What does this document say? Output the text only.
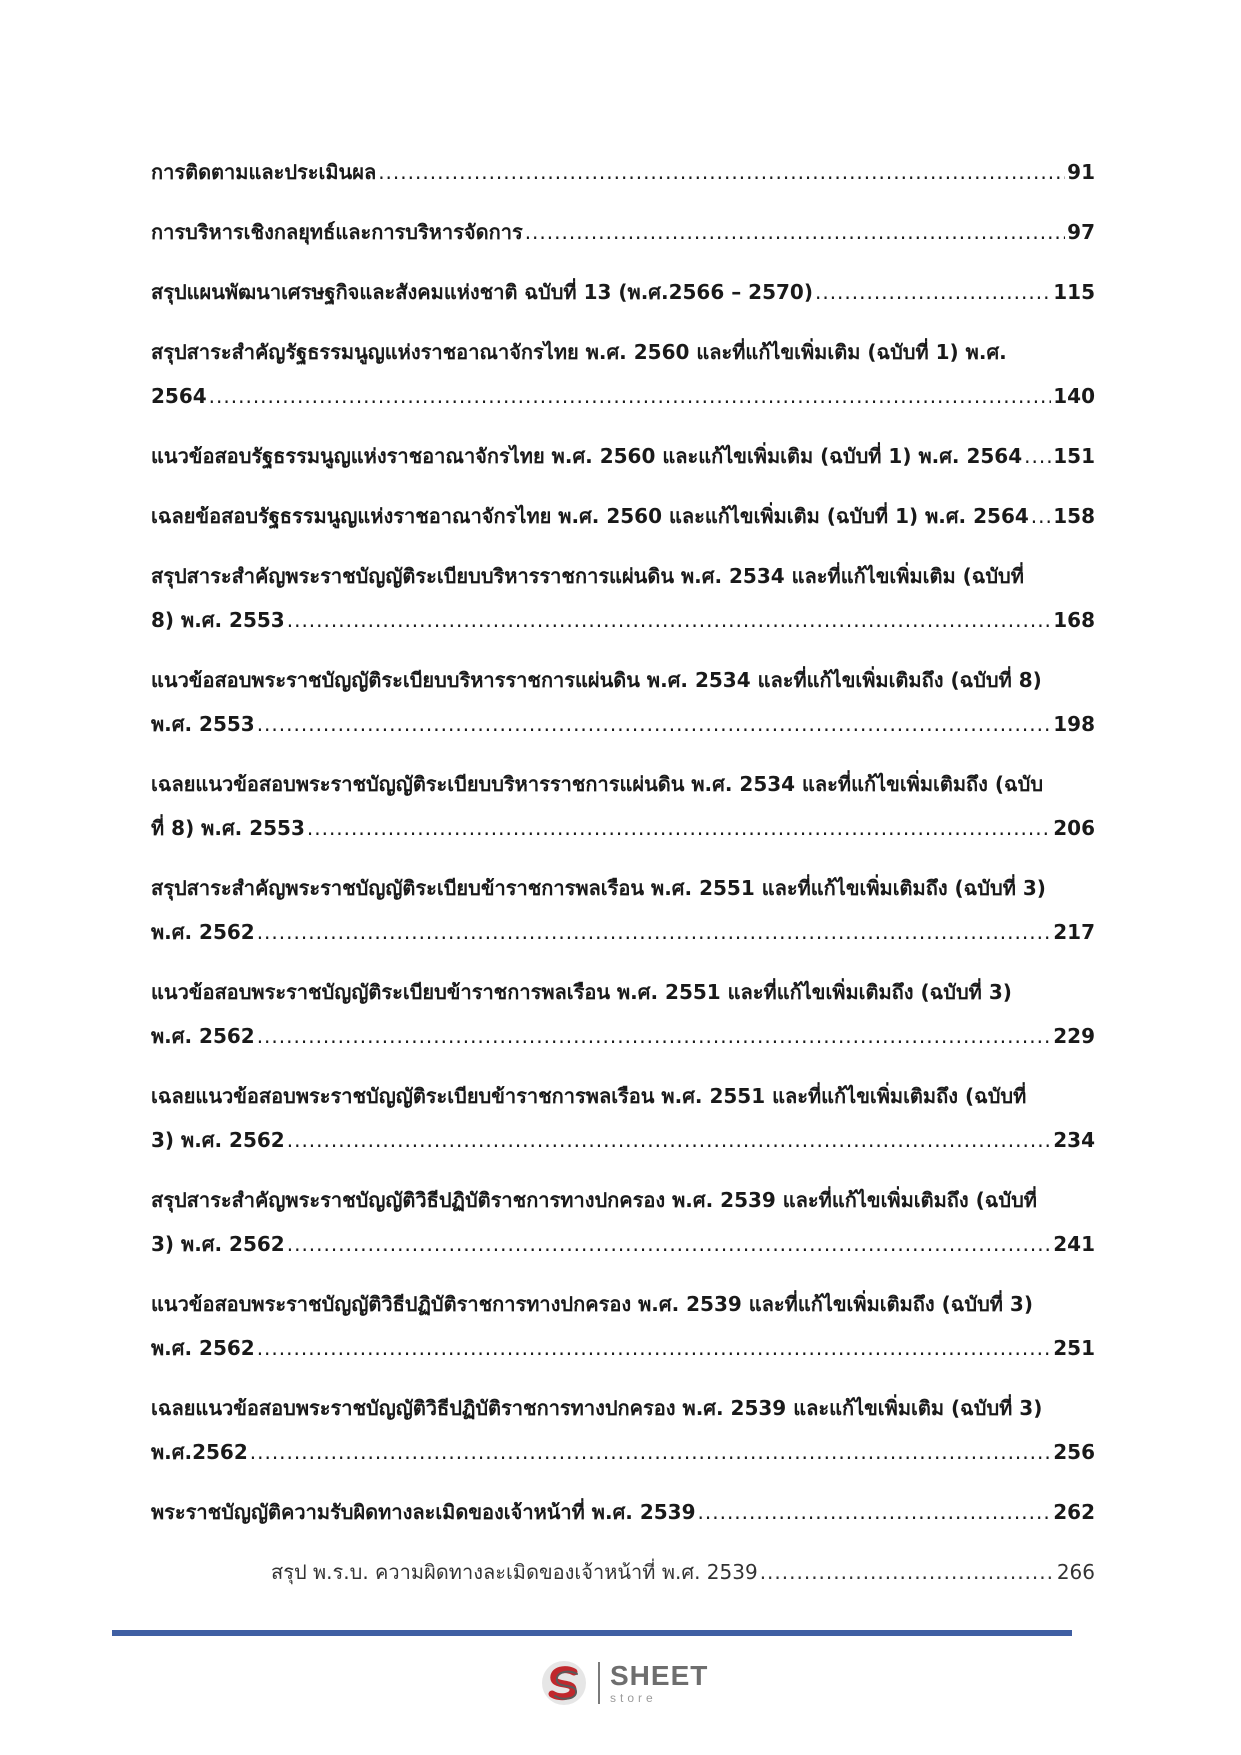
การติดตามและประเมินผล .....	91
การบริหารเชิงกลยุทธ์และการบริหารจัดการ .....	97
สรุปแผนพัฒนาเศรษฐกิจและสังคมแห่งชาติ ฉบับที่ 13 (พ.ศ.2566 – 2570) .....	115
สรุปสาระสำคัญรัฐธรรมนูญแห่งราชอาณาจักรไทย พ.ศ. 2560 และที่แก้ไขเพิ่มเติม (ฉบับที่ 1) พ.ศ.
2564 .....	140
แนวข้อสอบรัฐธรรมนูญแห่งราชอาณาจักรไทย พ.ศ. 2560 และแก้ไขเพิ่มเติม (ฉบับที่ 1) พ.ศ. 2564 ..... 151
เฉลยข้อสอบรัฐธรรมนูญแห่งราชอาณาจักรไทย พ.ศ. 2560 และแก้ไขเพิ่มเติม (ฉบับที่ 1) พ.ศ. 2564 ..... 158
สรุปสาระสำคัญพระราชบัญญัติระเบียบบริหารราชการแผ่นดิน พ.ศ. 2534 และที่แก้ไขเพิ่มเติม (ฉบับที่
8) พ.ศ. 2553 .....	168
แนวข้อสอบพระราชบัญญัติระเบียบบริหารราชการแผ่นดิน พ.ศ. 2534 และที่แก้ไขเพิ่มเติมถึง (ฉบับที่ 8)
พ.ศ. 2553 .....	198
เฉลยแนวข้อสอบพระราชบัญญัติระเบียบบริหารราชการแผ่นดิน พ.ศ. 2534 และที่แก้ไขเพิ่มเติมถึง (ฉบับ
ที่ 8) พ.ศ. 2553 .....	206
สรุปสาระสำคัญพระราชบัญญัติระเบียบข้าราชการพลเรือน พ.ศ. 2551 และที่แก้ไขเพิ่มเติมถึง (ฉบับที่ 3)
พ.ศ. 2562 .....	217
แนวข้อสอบพระราชบัญญัติระเบียบข้าราชการพลเรือน พ.ศ. 2551 และที่แก้ไขเพิ่มเติมถึง (ฉบับที่ 3)
พ.ศ. 2562 .....	229
เฉลยแนวข้อสอบพระราชบัญญัติระเบียบข้าราชการพลเรือน พ.ศ. 2551 และที่แก้ไขเพิ่มเติมถึง (ฉบับที่
3) พ.ศ. 2562 .....	234
สรุปสาระสำคัญพระราชบัญญัติวิธีปฏิบัติราชการทางปกครอง พ.ศ. 2539 และที่แก้ไขเพิ่มเติมถึง (ฉบับที่
3) พ.ศ. 2562 .....	241
แนวข้อสอบพระราชบัญญัติวิธีปฏิบัติราชการทางปกครอง พ.ศ. 2539 และที่แก้ไขเพิ่มเติมถึง (ฉบับที่ 3)
พ.ศ. 2562 .....	251
เฉลยแนวข้อสอบพระราชบัญญัติวิธีปฏิบัติราชการทางปกครอง พ.ศ. 2539 และแก้ไขเพิ่มเติม (ฉบับที่ 3)
พ.ศ.2562 .....	256
พระราชบัญญัติความรับผิดทางละเมิดของเจ้าหน้าที่ พ.ศ. 2539 .....	262
สรุป พ.ร.บ. ความผิดทางละเมิดของเจ้าหน้าที่ พ.ศ. 2539 .....	266
SHEET
store
